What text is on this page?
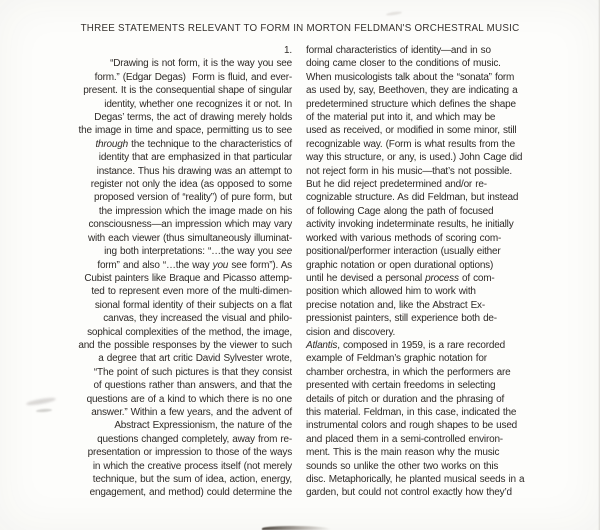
THREE STATEMENTS RELEVANT TO FORM IN MORTON FELDMAN'S ORCHESTRAL MUSIC
1.
“Drawing is not form, it is the way you see
form.” (Edgar Degas)  Form is fluid, and ever-
present. It is the consequential shape of singular
identity, whether one recognizes it or not. In
Degas’ terms, the act of drawing merely holds
the image in time and space, permitting us to see
through the technique to the characteristics of
identity that are emphasized in that particular
instance. Thus his drawing was an attempt to
register not only the idea (as opposed to some
proposed version of “reality”) of pure form, but
the impression which the image made on his
consciousness—an impression which may vary
with each viewer (thus simultaneously illuminat-
ing both interpretations: “…the way you see
form” and also “…the way you see form”). As
Cubist painters like Braque and Picasso attemp-
ted to represent even more of the multi-dimen-
sional formal identity of their subjects on a flat
canvas, they increased the visual and philo-
sophical complexities of the method, the image,
and the possible responses by the viewer to such
a degree that art critic David Sylvester wrote,
“The point of such pictures is that they consist
of questions rather than answers, and that the
questions are of a kind to which there is no one
answer.” Within a few years, and the advent of
Abstract Expressionism, the nature of the
questions changed completely, away from re-
presentation or impression to those of the ways
in which the creative process itself (not merely
technique, but the sum of idea, action, energy,
engagement, and method) could determine the
formal characteristics of identity—and in so
doing came closer to the conditions of music.
When musicologists talk about the “sonata” form
as used by, say, Beethoven, they are indicating a
predetermined structure which defines the shape
of the material put into it, and which may be
used as received, or modified in some minor, still
recognizable way. (Form is what results from the
way this structure, or any, is used.) John Cage did
not reject form in his music—that’s not possible.
But he did reject predetermined and/or re-
cognizable structure. As did Feldman, but instead
of following Cage along the path of focused
activity invoking indeterminate results, he initially
worked with various methods of scoring com-
positional/performer interaction (usually either
graphic notation or open durational options)
until he devised a personal process of com-
position which allowed him to work with
precise notation and, like the Abstract Ex-
pressionist painters, still experience both de-
cision and discovery.
Atlantis, composed in 1959, is a rare recorded
example of Feldman’s graphic notation for
chamber orchestra, in which the performers are
presented with certain freedoms in selecting
details of pitch or duration and the phrasing of
this material. Feldman, in this case, indicated the
instrumental colors and rough shapes to be used
and placed them in a semi-controlled environ-
ment. This is the main reason why the music
sounds so unlike the other two works on this
disc. Metaphorically, he planted musical seeds in a
garden, but could not control exactly how they’d
